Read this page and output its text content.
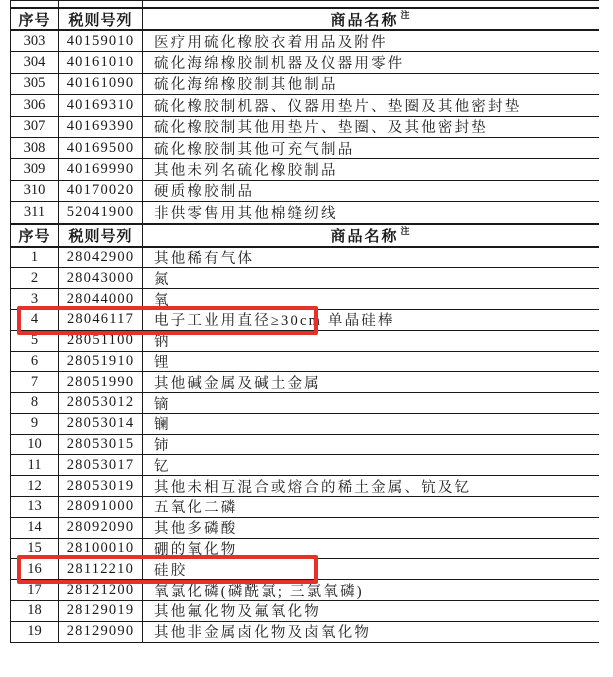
序号	税则号列	商品名称 注
303	40159010	医疗用硫化橡胶衣着用品及附件
304	40161010	硫化海绵橡胶制机器及仪器用零件
305	40161090	硫化海绵橡胶制其他制品
306	40169310	硫化橡胶制机器、仪器用垫片、垫圈及其他密封垫
307	40169390	硫化橡胶制其他用垫片、垫圈、及其他密封垫
308	40169500	硫化橡胶制其他可充气制品
309	40169990	其他未列名硫化橡胶制品
310	40170020	硬质橡胶制品
311	52041900	非供零售用其他棉缝纫线
序号	税则号列	商品名称 注
1	28042900	其他稀有气体
2	28043000	氮
3	28044000	氧
4	28046117	电子工业用直径≥30cm 单晶硅棒
5	28051100	钠
6	28051910	锂
7	28051990	其他碱金属及碱土金属
8	28053012	镝
9	28053014	镧
10	28053015	铈
11	28053017	钇
12	28053019	其他未相互混合或熔合的稀土金属、钪及钇
13	28091000	五氧化二磷
14	28092090	其他多磷酸
15	28100010	硼的氧化物
16	28112210	硅胶
17	28121200	氧氯化磷(磷酰氯; 三氯氧磷)
18	28129019	其他氟化物及氟氧化物
19	28129090	其他非金属卤化物及卤氧化物
